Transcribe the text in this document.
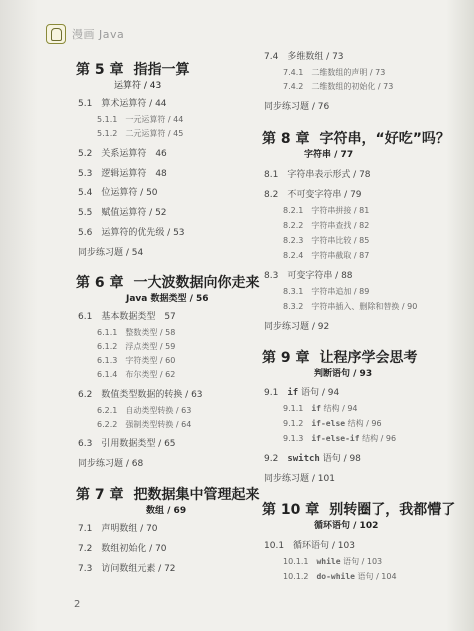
漫画 Java
第 5 章 指指一算
运算符 / 43
5.1　算术运算符 / 44
5.1.1　一元运算符 / 44
5.1.2　二元运算符 / 45
5.2　关系运算符　46
5.3　逻辑运算符　48
5.4　位运算符 / 50
5.5　赋值运算符 / 52
5.6　运算符的优先级 / 53
同步练习题 / 54
第 6 章 一大波数据向你走来
Java 数据类型 / 56
6.1　基本数据类型　57
6.1.1　整数类型 / 58
6.1.2　浮点类型 / 59
6.1.3　字符类型 / 60
6.1.4　布尔类型 / 62
6.2　数值类型数据的转换 / 63
6.2.1　自动类型转换 / 63
6.2.2　强制类型转换 / 64
6.3　引用数据类型 / 65
同步练习题 / 68
第 7 章 把数据集中管理起来
数组 / 69
7.1　声明数组 / 70
7.2　数组初始化 / 70
7.3　访问数组元素 / 72
2
7.4　多维数组 / 73
7.4.1　二维数组的声明 / 73
7.4.2　二维数组的初始化 / 73
同步练习题 / 76
第 8 章 字符串，“好吃”吗？
字符串 / 77
8.1　字符串表示形式 / 78
8.2　不可变字符串 / 79
8.2.1　字符串拼接 / 81
8.2.2　字符串查找 / 82
8.2.3　字符串比较 / 85
8.2.4　字符串截取 / 87
8.3　可变字符串 / 88
8.3.1　字符串追加 / 89
8.3.2　字符串插入、删除和替换 / 90
同步练习题 / 92
第 9 章 让程序学会思考
判断语句 / 93
9.1　if 语句 / 94
9.1.1　if 结构 / 94
9.1.2　if-else 结构 / 96
9.1.3　if-else-if 结构 / 96
9.2　switch 语句 / 98
同步练习题 / 101
第 10 章 别转圈了，我都懵了
循环语句 / 102
10.1　循环语句 / 103
10.1.1　while 语句 / 103
10.1.2　do-while 语句 / 104
